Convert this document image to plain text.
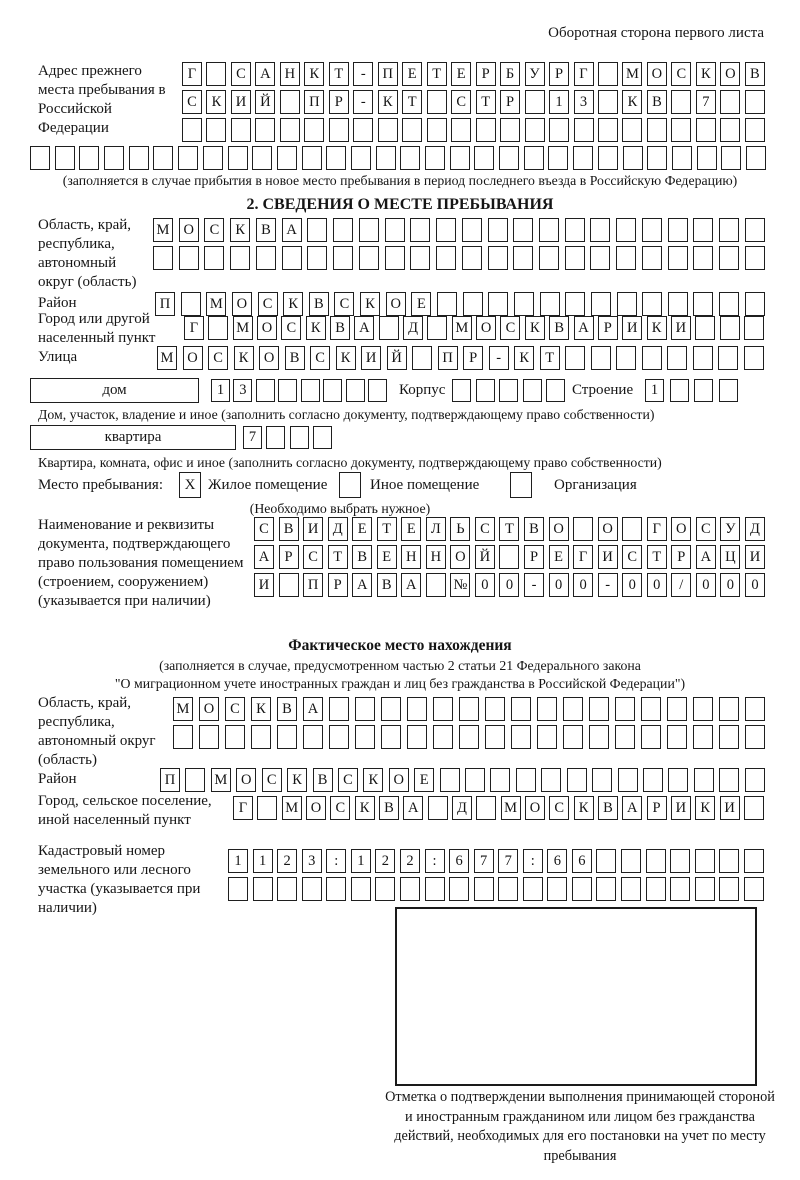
Оборотная сторона первого листа
Адрес прежнего места пребывания в Российской Федерации
Г	С А Н К	Т	-	П	Е	Т	Е	Р	Б	У	Р	Г	М О С	К О В
С	К И Й	П	Р	-	К	Т	С	Т	Р	1	3	К	В	7
(заполняется в случае прибытия в новое место пребывания в период последнего въезда в Российскую Федерацию)
2. СВЕДЕНИЯ О МЕСТЕ ПРЕБЫВАНИЯ
Область, край, республика, автономный округ (область)
М О	С	К	В	А
Район	П	М О	С	К	В	С	К	О	Е
Город или другой населенный пункт
Г	М О С	К	В А	Д	М О С	К	В А	Р	И К И
Улица	М О	С	К	О	В	С	К	И	Й	П	Р	-	К	Т
дом	1	3	Корпус	Строение	1
Дом, участок, владение и иное (заполнить согласно документу, подтверждающему право собственности)
квартира	7
Квартира, комната, офис и иное (заполнить согласно документу, подтверждающему право собственности)
Место пребывания:	X Жилое помещение	Иное помещение	Организация
(Необходимо выбрать нужное)
Наименование и реквизиты документа, подтверждающего право пользования помещением (строением, сооружением) (указывается при наличии)
С	В И Д	Е	Т	Е	Л	Ь	С	Т	В О	О	Г	О С	У Д
А	Р	С	Т	В	Е	Н Н О Й	Р	Е	Г	И С	Т	Р	А Ц И
И	П	Р	А В А	№ 0	0	-	0	0	-	0	0	/	0	0	0
Фактическое место нахождения
(заполняется в случае, предусмотренном частью 2 статьи 21 Федерального закона
"О миграционном учете иностранных граждан и лиц без гражданства в Российской Федерации")
Область, край, республика, автономный округ (область)
М О	С	К	В	А
Район	П	М О	С	К	В	С	К	О	Е
Город, сельское поселение, иной населенный пункт
Г	М О С	К	В А	Д	М О С	К	В А	Р	И К И
Кадастровый номер земельного или лесного участка (указывается при наличии)
1	1	2	3	:	1	2	2	:	6	7	7	:	6	6
Отметка о подтверждении выполнения принимающей стороной и иностранным гражданином или лицом без гражданства действий, необходимых для его постановки на учет по месту пребывания
